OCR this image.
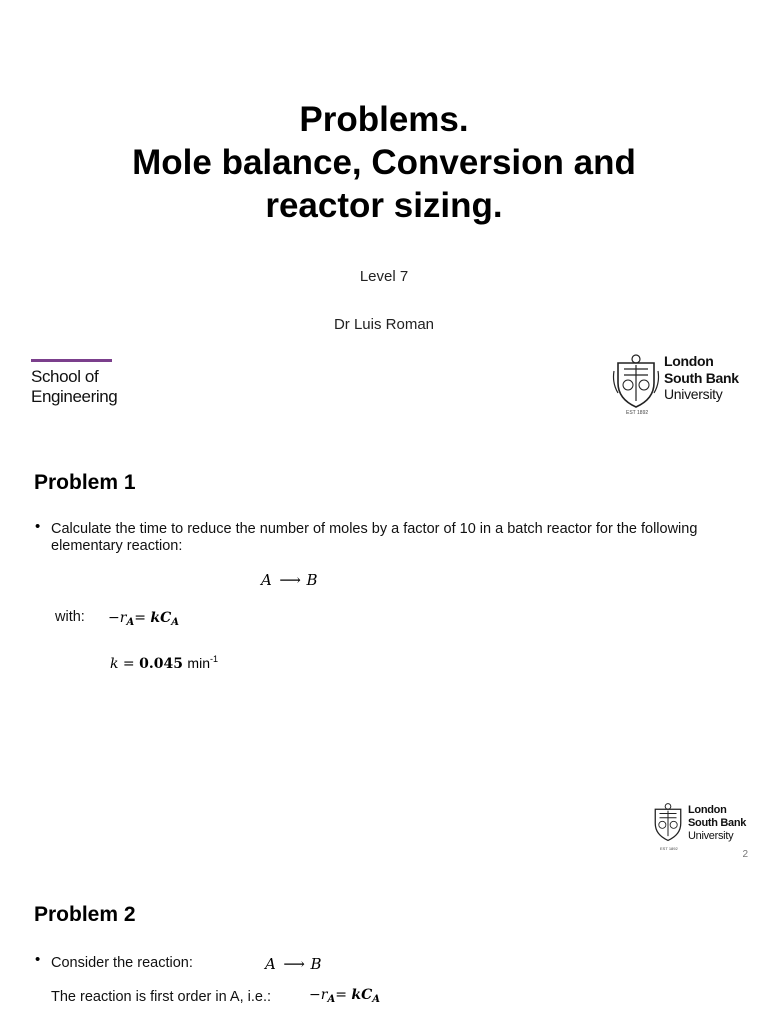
Problems.
Mole balance, Conversion and
reactor sizing.
Level 7
Dr Luis Roman
School of
Engineering
London
South Bank
University
EST 1892
Problem 1
• Calculate the time to reduce the number of moles by a factor of 10 in a batch reactor for the following elementary reaction:
A  ⟶  B
with: $-r_A= kC_A$
k = 0.045 $\min^{-1}$
London
South Bank
University
EST 1892
2
Problem 2
• Consider the reaction:	A  ⟶  B
The reaction is first order in A, i.e.:	$-r_A= kC_A$
